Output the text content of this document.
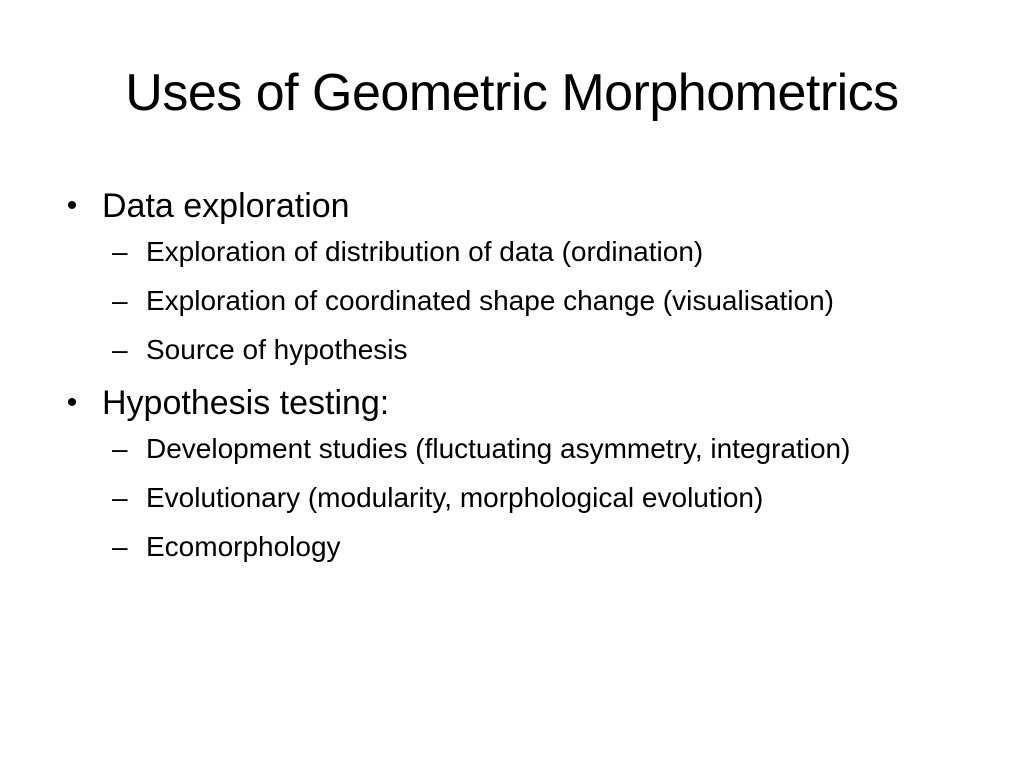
Uses of Geometric Morphometrics
• Data exploration
– Exploration of distribution of data (ordination)
– Exploration of coordinated shape change (visualisation)
– Source of hypothesis
• Hypothesis testing:
– Development studies (fluctuating asymmetry, integration)
– Evolutionary (modularity, morphological evolution)
– Ecomorphology
